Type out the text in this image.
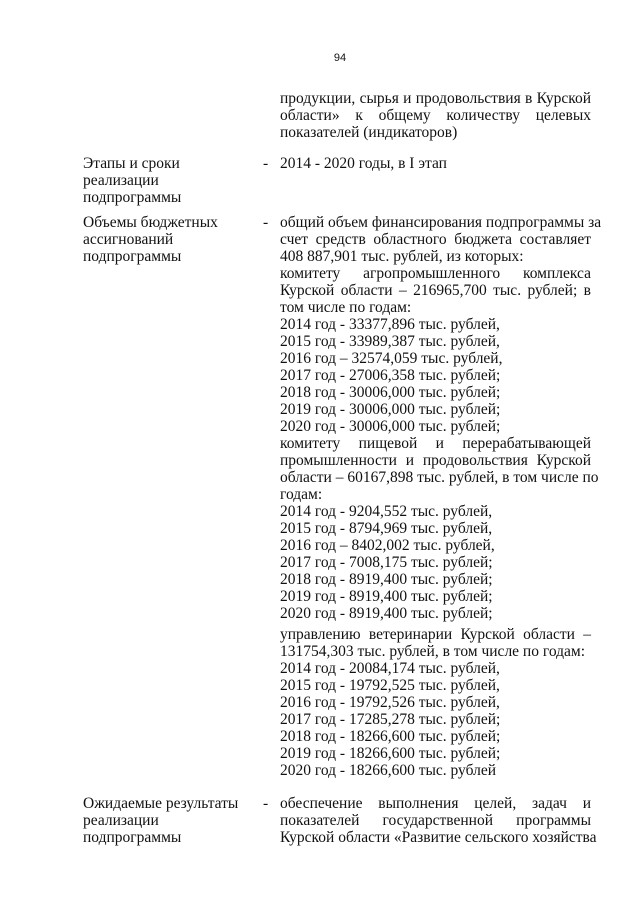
94
продукции, сырья и продовольствия в Курской
области» к общему количеству целевых
показателей (индикаторов)
Этапы и сроки
реализации
подпрограммы
- 2014 - 2020 годы, в I этап
Объемы бюджетных
ассигнований
подпрограммы
- общий объем финансирования подпрограммы за
счет средств областного бюджета составляет
408 887,901 тыс. рублей, из которых:
комитету агропромышленного комплекса
Курской области – 216965,700 тыс. рублей; в
том числе по годам:
2014 год - 33377,896 тыс. рублей,
2015 год - 33989,387 тыс. рублей,
2016 год – 32574,059 тыс. рублей,
2017 год - 27006,358 тыс. рублей;
2018 год - 30006,000 тыс. рублей;
2019 год - 30006,000 тыс. рублей;
2020 год - 30006,000 тыс. рублей;
комитету пищевой и перерабатывающей
промышленности и продовольствия Курской
области – 60167,898 тыс. рублей, в том числе по
годам:
2014 год - 9204,552 тыс. рублей,
2015 год - 8794,969 тыс. рублей,
2016 год – 8402,002 тыс. рублей,
2017 год - 7008,175 тыс. рублей;
2018 год - 8919,400 тыс. рублей;
2019 год - 8919,400 тыс. рублей;
2020 год - 8919,400 тыс. рублей;
управлению ветеринарии Курской области –
131754,303 тыс. рублей, в том числе по годам:
2014 год - 20084,174 тыс. рублей,
2015 год - 19792,525 тыс. рублей,
2016 год - 19792,526 тыс. рублей,
2017 год - 17285,278 тыс. рублей;
2018 год - 18266,600 тыс. рублей;
2019 год - 18266,600 тыс. рублей;
2020 год - 18266,600 тыс. рублей
Ожидаемые результаты
реализации
подпрограммы
- обеспечение выполнения целей, задач и
показателей государственной программы
Курской области «Развитие сельского хозяйства
